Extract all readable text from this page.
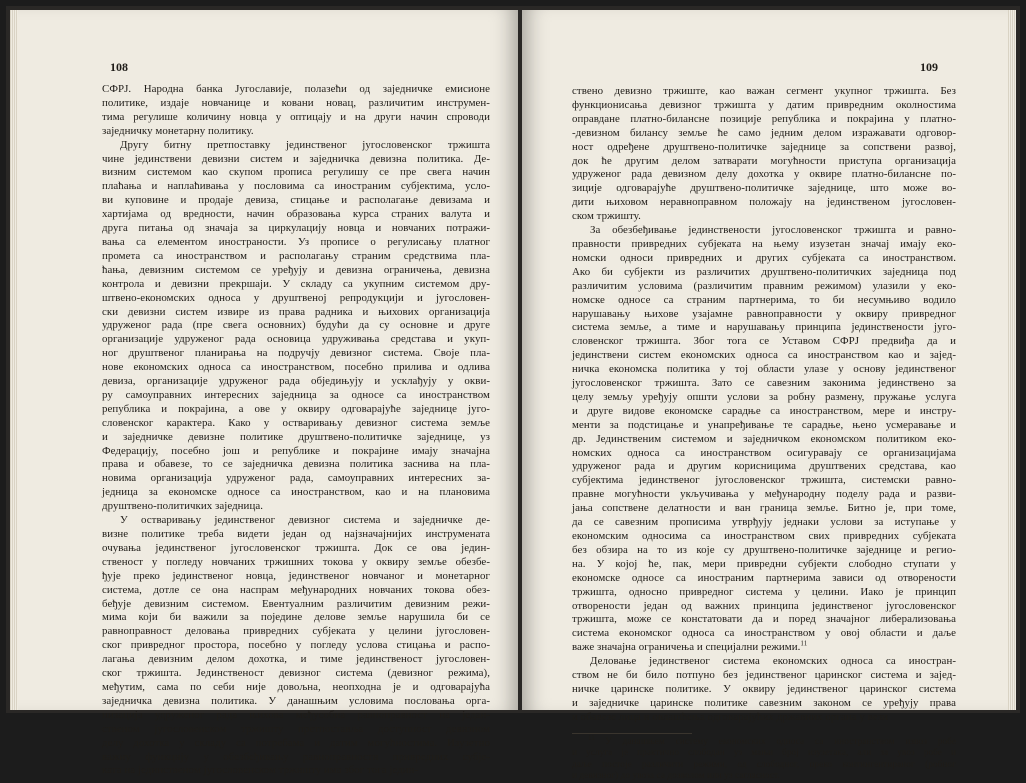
108
СФРЈ. Народна банка Југославије, полазећи од заједничке емисионе
политике, издаје новчанице и ковани новац, различитим инструмен-
тима регулише количину новца у оптицају и на други начин спроводи
заједничку монетарну политику.
Другу битну претпоставку јединственог југословенског тржишта
чине јединствени девизни систем и заједничка девизна политика. Де-
визним системом као скупом прописа регулишу се пре свега начин
плаћања и наплаћивања у пословима са иностраним субјектима, усло-
ви куповине и продаје девиза, стицање и располагање девизама и
хартијама од вредности, начин образовања курса страних валута и
друга питања од значаја за циркулацију новца и новчаних потражи-
вања са елементом иностраности. Уз прописе о регулисању платног
промета са иностранством и располагању страним средствима пла-
ћања, девизним системом се уређују и девизна ограничења, девизна
контрола и девизни прекршаји. У складу са укупним системом дру-
штвено-економских односа у друштвеној репродукцији и југословен-
ски девизни систем извире из права радника и њихових организација
удруженог рада (пре свега основних) будући да су основне и друге
организације удруженог рада основица удруживања средстава и укуп-
ног друштвеног планирања на подручју девизног система. Своје пла-
нове економских односа са иностранством, посебно прилива и одлива
девиза, организације удруженог рада обједињују и усклађују у окви-
ру самоуправних интересних заједница за односе са иностранством
република и покрајина, а ове у оквиру одговарајуће заједнице југо-
словенског карактера. Како у остваривању девизног система земље
и заједничке девизне политике друштвено-политичке заједнице, уз
Федерацију, посебно још и републике и покрајине имају значајна
права и обавезе, то се заједничка девизна политика заснива на пла-
новима организација удруженог рада, самоуправних интересних за-
једница за економске односе са иностранством, као и на плановима
друштвено-политичких заједница.
У остваривању јединственог девизног система и заједничке де-
визне политике треба видети један од најзначајнијих инструмената
очувања јединственог југословенског тржишта. Док се ова једин-
ственост у погледу новчаних тржишних токова у оквиру земље обезбе-
ђује преко јединственог новца, јединственог новчаног и монетарног
система, дотле се она наспрам међународних новчаних токова обез-
беђује девизним системом. Евентуалним различитим девизним режи-
мима који би важили за поједине делове земље нарушила би се
равноправност деловања привредних субјеката у целини југословен-
ског привредног простора, посебно у погледу услова стицања и распо-
лагања девизним делом дохотка, и тиме јединственост југословен-
ског тржишта. Јединственост девизног система (девизног режима),
међутим, сама по себи није довољна, неопходна је и одговарајућа
заједничка девизна политика. У данашњим условима пословања орга-
низација удруженог рада њихова међусобна равноправност на један-
ственом југословенском тржишту претпоставља доступност девизном
делу дохотка у складу са потребама и датим могућностима. Изузетно
важну функцију у обезбеђивању равноправности привредних субје-
ката на јединственом југословенском тржишту има због тога једин-
109
ствено девизно тржиште, као важан сегмент укупног тржишта. Без
функционисања девизног тржишта у датим привредним околностима
оправдане платно-билансне позиције република и покрајина у платно-
-девизном билансу земље ће само једним делом изражавати одговор-
ност одређене друштвено-политичке заједнице за сопствени развој,
док ће другим делом затварати могућности приступа организација
удруженог рада девизном делу дохотка у оквире платно-билансне по-
зиције одговарајуће друштвено-политичке заједнице, што може во-
дити њиховом неравноправном положају на јединственом југословен-
ском тржишту.
За обезбеђивање јединствености југословенског тржишта и равно-
правности привредних субјеката на њему изузетан значај имају еко-
номски односи привредних и других субјеката са иностранством.
Ако би субјекти из различитих друштвено-политичких заједница под
различитим условима (различитим правним режимом) улазили у еко-
номске односе са страним партнерима, то би несумњиво водило
нарушавању њихове узајамне равноправности у оквиру привредног
система земље, а тиме и нарушавању принципа јединствености југо-
словенског тржишта. Због тога се Уставом СФРЈ предвиђа да и
јединствени систем економских односа са иностранством као и заjед-
ничка економска политика у тој области улазе у основу јединственог
југословенског тржишта. Зато се савезним законима јединствено за
целу земљу уређују општи услови за робну размену, пружање услуга
и друге видове економске сарадње са иностранством, мере и инстру-
менти за подстицање и унапређивање те сарадње, њено усмеравање и
др. Јединственим системом и заједничком економском политиком еко-
номских односа са иностранством осигуравају се организацијама
удруженог рада и другим корисницима друштвених средстава, као
субјектима јединственог југословенског тржишта, системски равно-
правне могућности укључивања у међународну поделу рада и разви-
јања сопствене делатности и ван граница земље. Битно је, при томе,
да се савезним прописима утврђују једнаки услови за иступање у
економским односима са иностранством свих привредних субјеката
без обзира на то из које су друштвено-политичке заједнице и регио-
на. У којој ће, пак, мери привредни субјекти слободно ступати у
економске односе са иностраним партнерима зависи од отворености
тржишта, односно привредног система у целини. Иако је принцип
отворености један од важних принципа јединственог југословенског
тржишта, може се констатовати да и поред значајног либерализовања
система економског односа са иностранством у овој области и даље
важе значајна ограничења и специјални режими.$^{11}$
Деловање јединственог система економских односа са иностран-
ством не би било потпуно без јединственог царинског система и заjед-
ничке царинске политике. У оквиру јединственог царинског система
и заједничке царинске политике савезним законом се уређују права
и обавезе лица и овлашћења одговарајућих државних органа у вези
$^{11}$ У данашњем систему економских односа са иностранством извоз робе
и услуга је практично слободан уз мањи број изузетака, али за увоз робе и
даље постоје различити режими, од слободног, преко контингентираног (робног
и девизног) до увоза са дозволом или уз сагласност.
